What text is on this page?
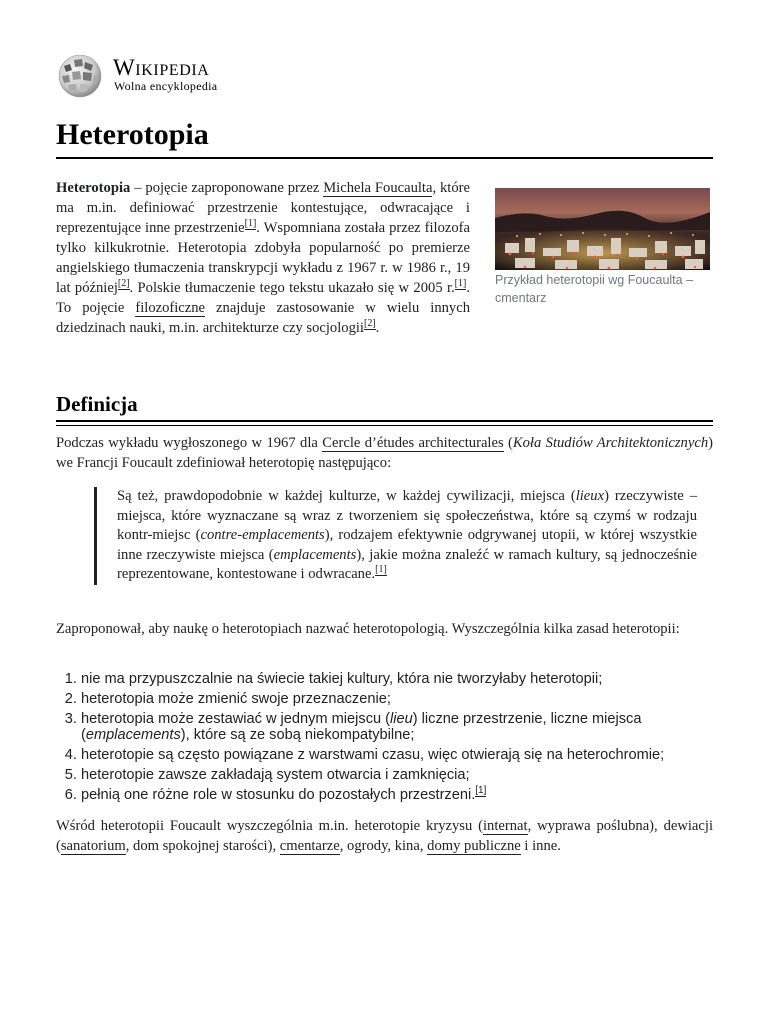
Wikipedia
Wolna encyklopedia
Heterotopia

Heterotopia – pojęcie zaproponowane przez Michela Foucaulta, które ma m.in. definiować przestrzenie kontestujące, odwracające i reprezentujące inne przestrzenie[1]. Wspomniana została przez filozofa tylko kilkukrotnie. Heterotopia zdobyła popularność po premierze angielskiego tłumaczenia transkrypcji wykładu z 1967 r. w 1986 r., 19 lat później[2]. Polskie tłumaczenie tego tekstu ukazało się w 2005 r.[1]. To pojęcie filozoficzne znajduje zastosowanie w wielu innych dziedzinach nauki, m.in. architekturze czy socjologii[2].

Przykład heterotopii wg Foucaulta – cmentarz
Definicja

Podczas wykładu wygłoszonego w 1967 dla Cercle d’études architecturales (Koła Studiów Architektonicznych) we Francji Foucault zdefiniował heterotopię następująco:

Są też, prawdopodobnie w każdej kulturze, w każdej cywilizacji, miejsca (lieux) rzeczywiste – miejsca, które wyznaczane są wraz z tworzeniem się społeczeństwa, które są czymś w rodzaju kontr-miejsc (contre-emplacements), rodzajem efektywnie odgrywanej utopii, w której wszystkie inne rzeczywiste miejsca (emplacements), jakie można znaleźć w ramach kultury, są jednocześnie reprezentowane, kontestowane i odwracane.[1]

Zaproponował, aby naukę o heterotopiach nazwać heterotopologią. Wyszczególnia kilka zasad heterotopii:

1. nie ma przypuszczalnie na świecie takiej kultury, która nie tworzyłaby heterotopii;
2. heterotopia może zmienić swoje przeznaczenie;
3. heterotopia może zestawiać w jednym miejscu (lieu) liczne przestrzenie, liczne miejsca (emplacements), które są ze sobą niekompatybilne;
4. heterotopie są często powiązane z warstwami czasu, więc otwierają się na heterochromie;
5. heterotopie zawsze zakładają system otwarcia i zamknięcia;
6. pełnią one różne role w stosunku do pozostałych przestrzeni.[1]

Wśród heterotopii Foucault wyszczególnia m.in. heterotopie kryzysu (internat, wyprawa poślubna), dewiacji (sanatorium, dom spokojnej starości), cmentarze, ogrody, kina, domy publiczne i inne.
